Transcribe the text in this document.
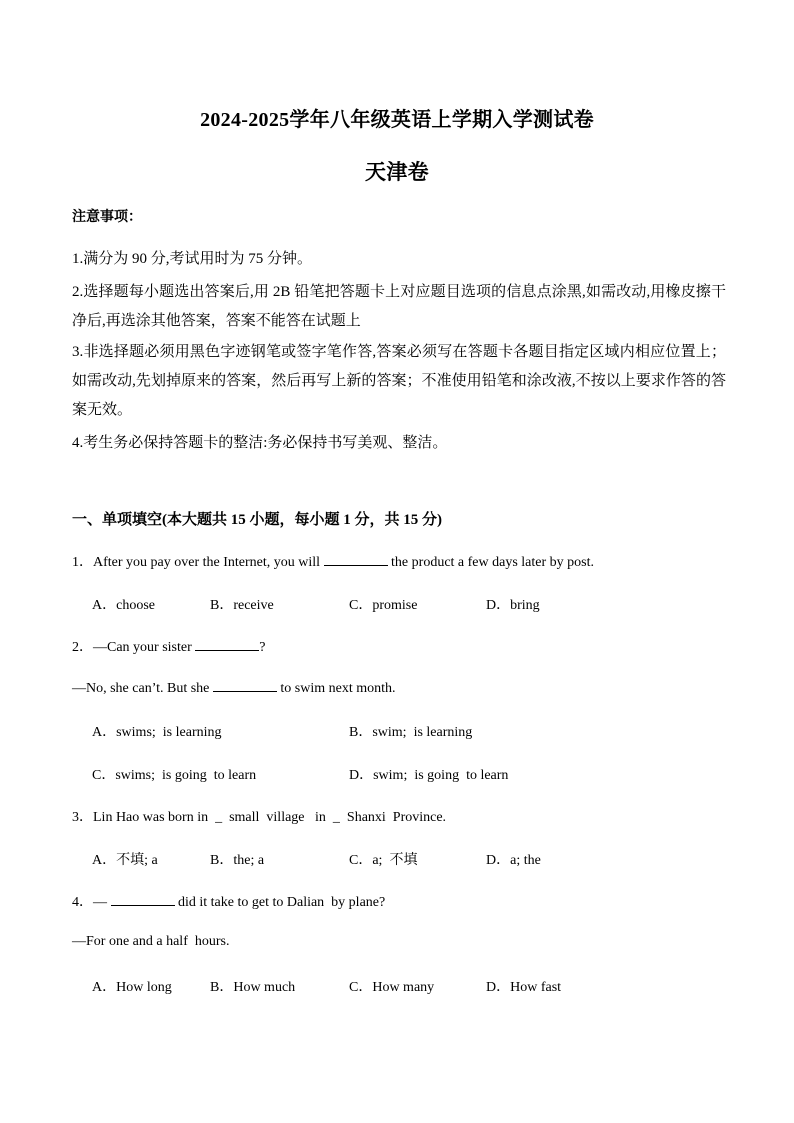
2024-2025学年八年级英语上学期入学测试卷
天津卷
注意事项：
1.满分为 90 分,考试用时为 75 分钟。
2.选择题每小题选出答案后,用 2B 铅笔把答题卡上对应题目选项的信息点涂黑,如需改动,用橡皮擦干净后,再选涂其他答案，答案不能答在试题上
3.非选择题必须用黑色字迹钢笔或签字笔作答,答案必须写在答题卡各题目指定区域内相应位置上；如需改动,先划掉原来的答案，然后再写上新的答案；不准使用铅笔和涂改液,不按以上要求作答的答案无效。
4.考生务必保持答题卡的整洁:务必保持书写美观、整洁。
一、单项填空(本大题共 15 小题，每小题 1 分，共 15 分)
1．After you pay over the Internet, you will	the product a few days later by post.
A．choose	B．receive	C．promise	D．bring
2．—Can your sister	?
—No, she can’t. But she	to swim next month.
A．swims;  is learning	B．swim;  is learning
C．swims;  is going  to learn	D．swim;  is going  to learn
3．Lin Hao was born in  _  small  village   in  _  Shanxi  Province.
A．不填; a	B．the; a	C．a;  不填	D．a; the
4．—	did it take to get to Dalian  by plane?
—For one and a half  hours.
A．How long	B．How much	C．How many	D．How fast
